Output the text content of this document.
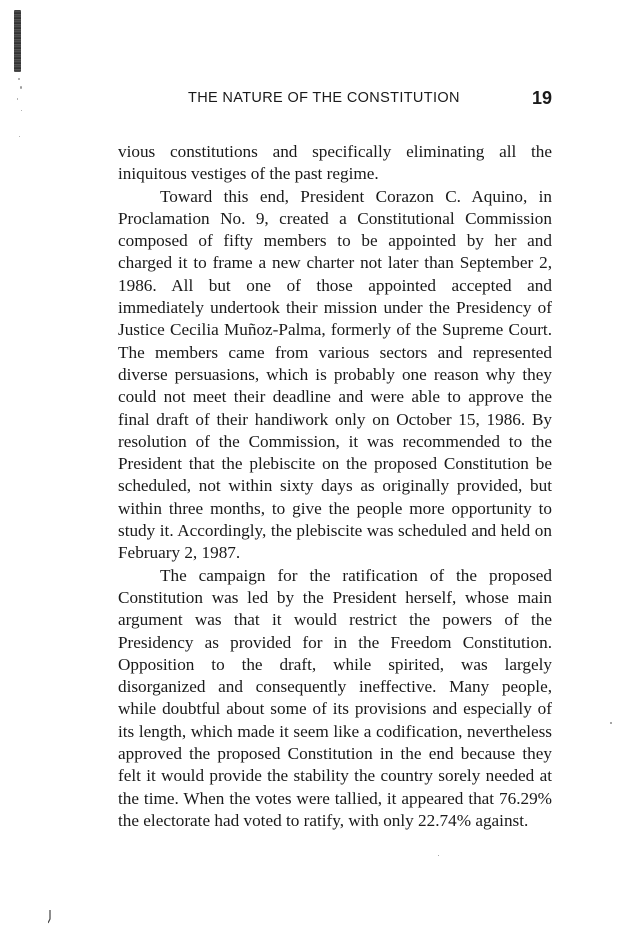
THE NATURE OF THE CONSTITUTION	19

vious constitutions and specifically eliminating all the iniquitous vestiges of the past regime.

Toward this end, President Corazon C. Aquino, in Proclamation No. 9, created a Constitutional Commission composed of fifty members to be appointed by her and charged it to frame a new charter not later than September 2, 1986. All but one of those appointed accepted and immediately undertook their mission under the Presidency of Justice Cecilia Muñoz-Palma, formerly of the Supreme Court. The members came from various sectors and represented diverse persuasions, which is probably one reason why they could not meet their deadline and were able to approve the final draft of their handiwork only on October 15, 1986. By resolution of the Commission, it was recommended to the President that the plebiscite on the proposed Constitution be scheduled, not within sixty days as originally provided, but within three months, to give the people more opportunity to study it. Accordingly, the plebiscite was scheduled and held on February 2, 1987.

The campaign for the ratification of the proposed Constitution was led by the President herself, whose main argument was that it would restrict the powers of the Presidency as provided for in the Freedom Constitution. Opposition to the draft, while spirited, was largely disorganized and consequently ineffective. Many people, while doubtful about some of its provisions and especially of its length, which made it seem like a codification, nevertheless approved the proposed Constitution in the end because they felt it would provide the stability the country sorely needed at the time. When the votes were tallied, it appeared that 76.29% the electorate had voted to ratify, with only 22.74% against.
